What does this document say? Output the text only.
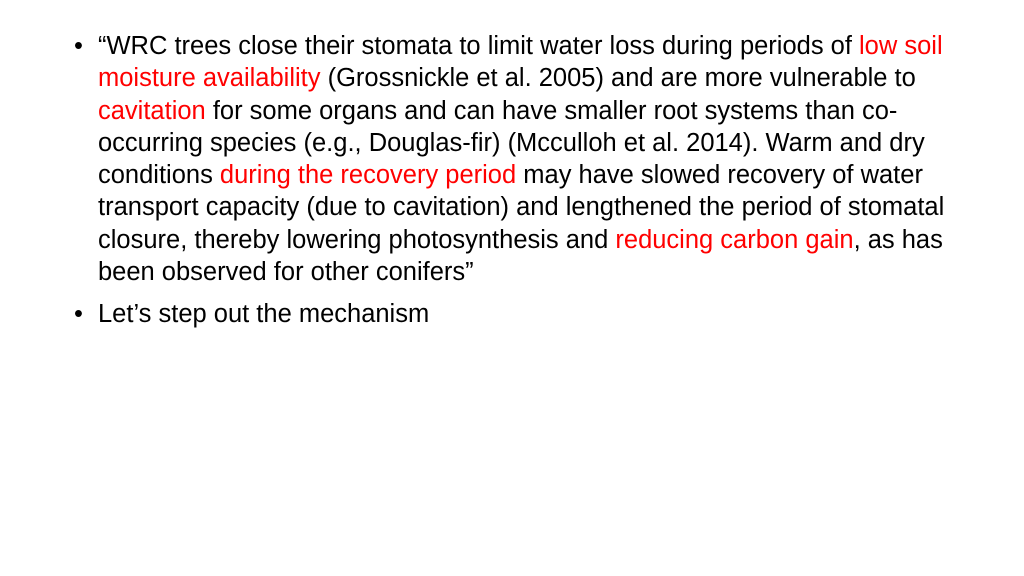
• “WRC trees close their stomata to limit water loss during periods of low soil moisture availability (Grossnickle et al. 2005) and are more vulnerable to cavitation for some organs and can have smaller root systems than co-occurring species (e.g., Douglas-fir) (Mcculloh et al. 2014). Warm and dry conditions during the recovery period may have slowed recovery of water transport capacity (due to cavitation) and lengthened the period of stomatal closure, thereby lowering photosynthesis and reducing carbon gain, as has been observed for other conifers”
• Let’s step out the mechanism
